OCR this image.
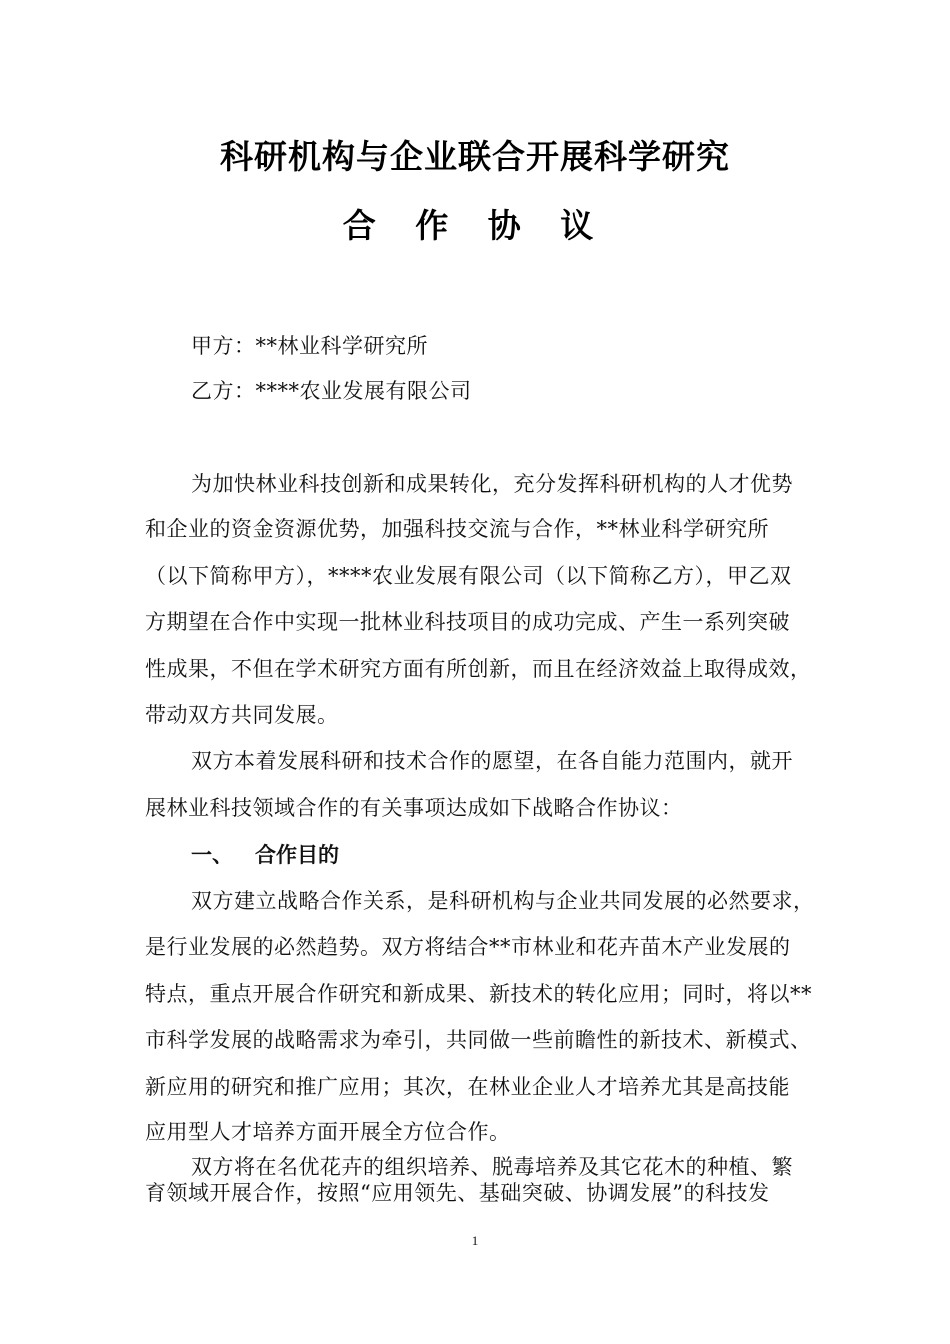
科研机构与企业联合开展科学研究
合 作 协 议
甲方：**林业科学研究所
乙方：****农业发展有限公司
为加快林业科技创新和成果转化，充分发挥科研机构的人才优势
和企业的资金资源优势，加强科技交流与合作，**林业科学研究所
（以下简称甲方），****农业发展有限公司（以下简称乙方），甲乙双
方期望在合作中实现一批林业科技项目的成功完成、产生一系列突破
性成果，不但在学术研究方面有所创新，而且在经济效益上取得成效，
带动双方共同发展。
双方本着发展科研和技术合作的愿望，在各自能力范围内，就开
展林业科技领域合作的有关事项达成如下战略合作协议：
一、 合作目的
双方建立战略合作关系，是科研机构与企业共同发展的必然要求，
是行业发展的必然趋势。双方将结合**市林业和花卉苗木产业发展的
特点，重点开展合作研究和新成果、新技术的转化应用；同时，将以**
市科学发展的战略需求为牵引，共同做一些前瞻性的新技术、新模式、
新应用的研究和推广应用；其次，在林业企业人才培养尤其是高技能
应用型人才培养方面开展全方位合作。
双方将在名优花卉的组织培养、脱毒培养及其它花木的种植、繁
育领域开展合作，按照“应用领先、基础突破、协调发展”的科技发
1
